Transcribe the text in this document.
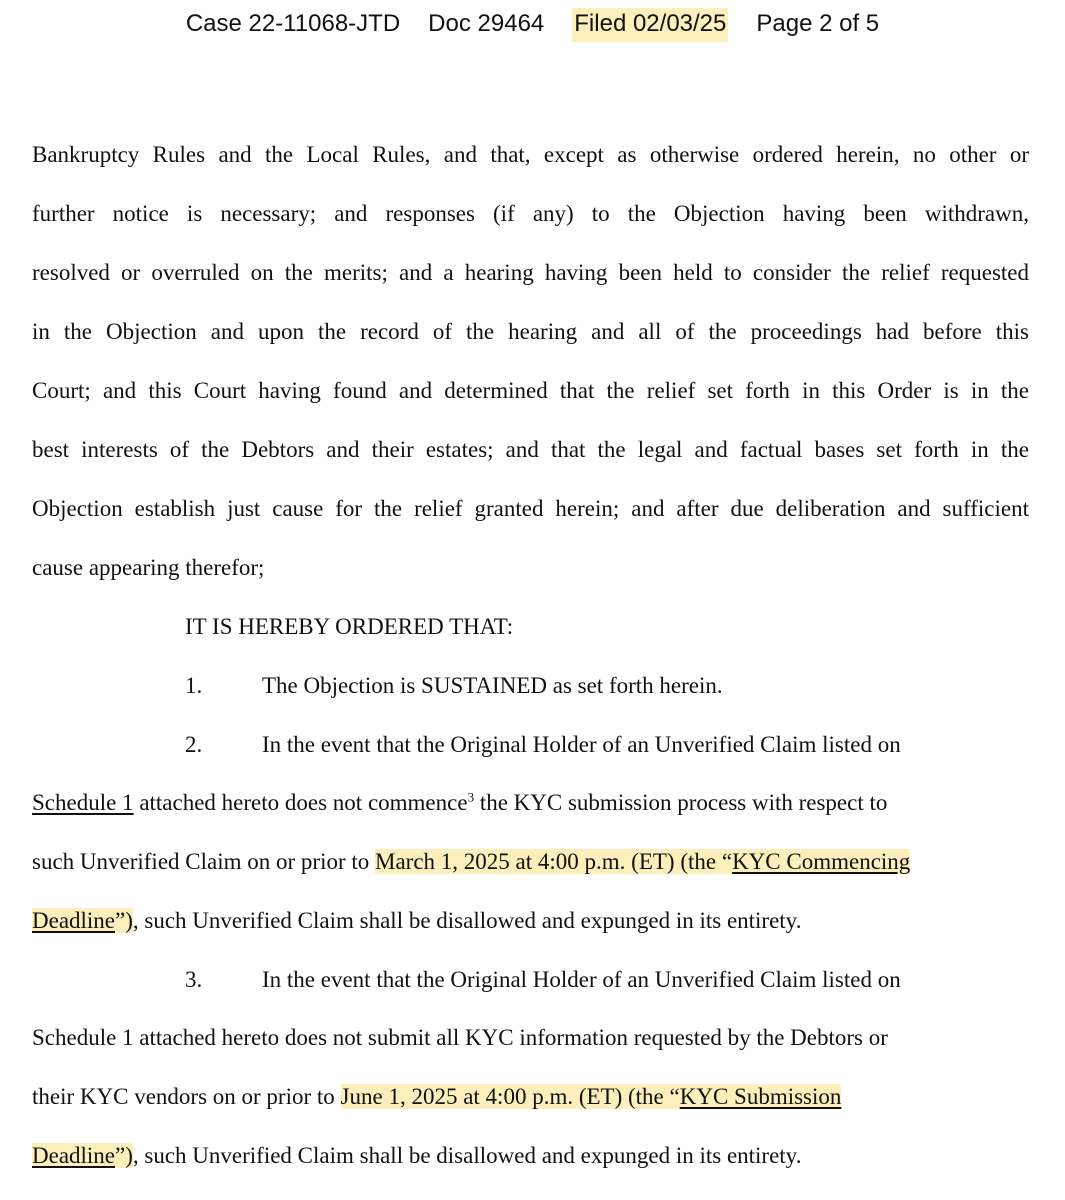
Case 22-11068-JTD Doc 29464 Filed 02/03/25 Page 2 of 5
Bankruptcy Rules and the Local Rules, and that, except as otherwise ordered herein, no other or
further notice is necessary; and responses (if any) to the Objection having been withdrawn,
resolved or overruled on the merits; and a hearing having been held to consider the relief requested
in the Objection and upon the record of the hearing and all of the proceedings had before this
Court; and this Court having found and determined that the relief set forth in this Order is in the
best interests of the Debtors and their estates; and that the legal and factual bases set forth in the
Objection establish just cause for the relief granted herein; and after due deliberation and sufficient
cause appearing therefor;
IT IS HEREBY ORDERED THAT:
1.	The Objection is SUSTAINED as set forth herein.
2.	In the event that the Original Holder of an Unverified Claim listed on
Schedule 1 attached hereto does not commence$^3$ the KYC submission process with respect to
such Unverified Claim on or prior to March 1, 2025 at 4:00 p.m. (ET) (the “KYC Commencing
Deadline”), such Unverified Claim shall be disallowed and expunged in its entirety.
3.	In the event that the Original Holder of an Unverified Claim listed on
Schedule 1 attached hereto does not submit all KYC information requested by the Debtors or
their KYC vendors on or prior to June 1, 2025 at 4:00 p.m. (ET) (the “KYC Submission
Deadline”), such Unverified Claim shall be disallowed and expunged in its entirety.
